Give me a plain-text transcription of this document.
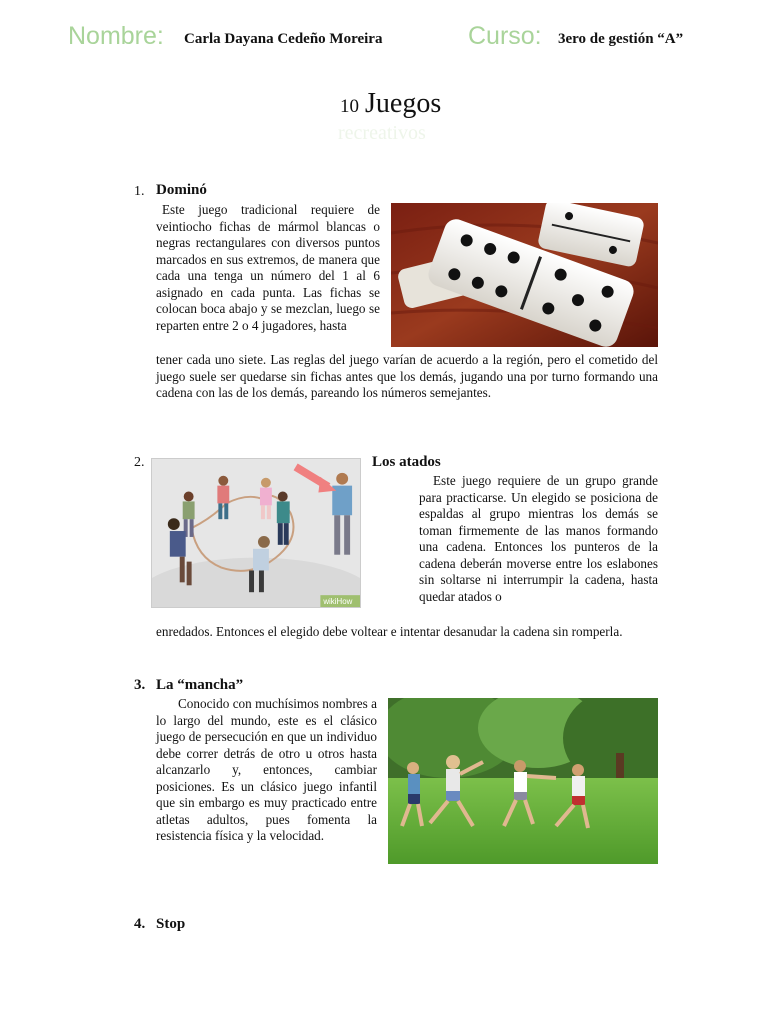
Nombre: Carla Dayana Cedeño Moreira	Curso: 3ero de gestión “A”
10 Juegos
recreativos
1. Dominó
Este juego tradicional requiere de veintiocho fichas de mármol blancas o negras rectangulares con diversos puntos marcados en sus extremos, de manera que cada una tenga un número del 1 al 6 asignado en cada punta. Las fichas se colocan boca abajo y se mezclan, luego se reparten entre 2 o 4 jugadores, hasta
tener cada uno siete. Las reglas del juego varían de acuerdo a la región, pero el cometido del juego suele ser quedarse sin fichas antes que los demás, jugando una por turno formando una cadena con las de los demás, pareando los números semejantes.
2.	Los atados
Este juego requiere de un grupo grande para practicarse. Un elegido se posiciona de espaldas al grupo mientras los demás se toman firmemente de las manos formando una cadena. Entonces los punteros de la cadena deberán moverse entre los eslabones sin soltarse ni interrumpir la cadena, hasta quedar atados o
enredados. Entonces el elegido debe voltear e intentar desanudar la cadena sin romperla.
wikiHow
3. La “mancha”
Conocido con muchísimos nombres a lo largo del mundo, este es el clásico juego de persecución en que un individuo debe correr detrás de otro u otros hasta alcanzarlo y, entonces, cambiar posiciones. Es un clásico juego infantil que sin embargo es muy practicado entre atletas adultos, pues fomenta la resistencia física y la velocidad.
4. Stop
